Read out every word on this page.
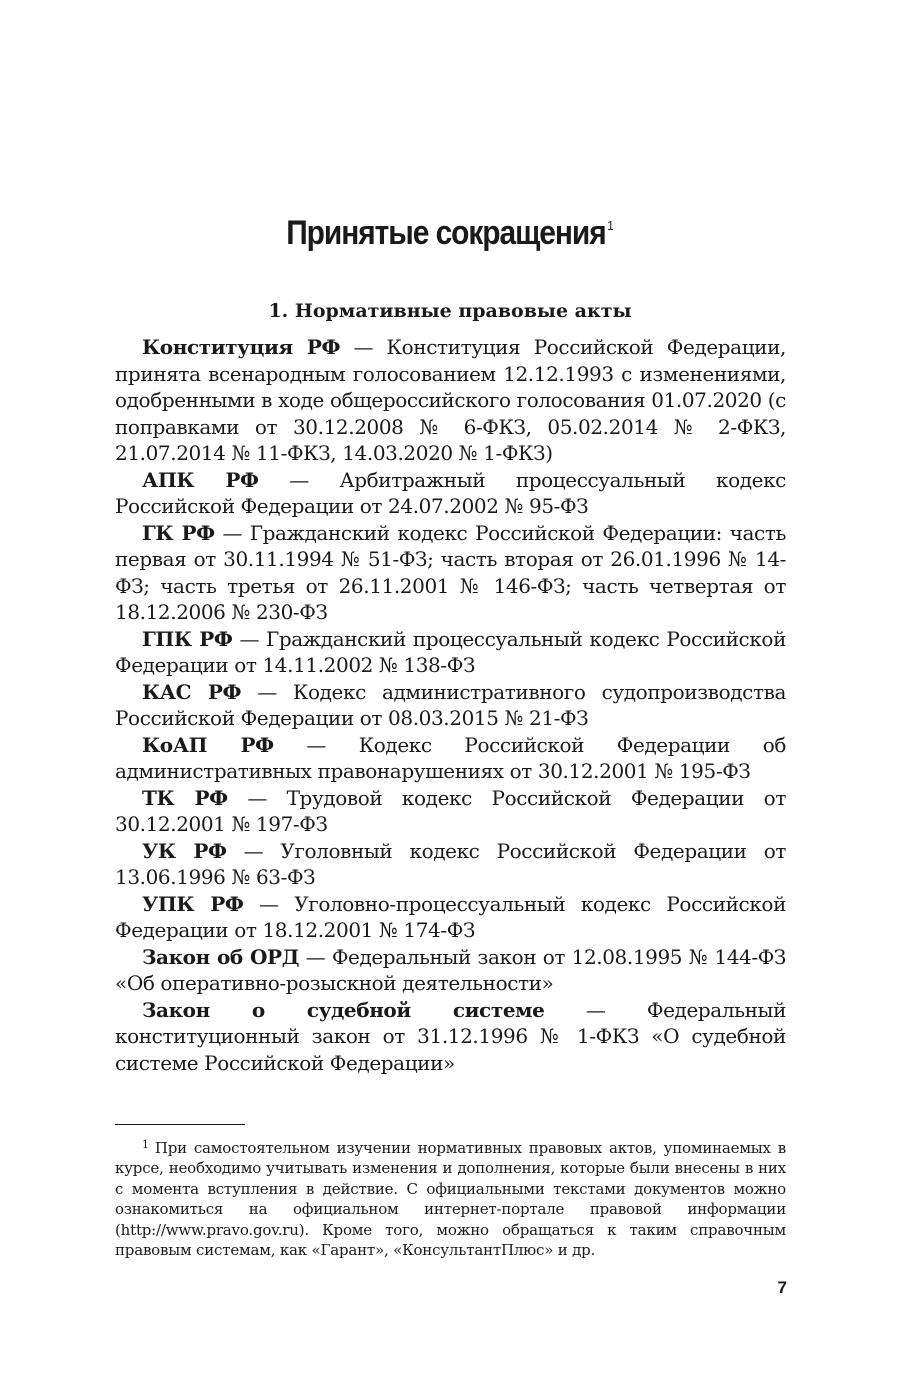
Принятые сокращения $^1$
1. Нормативные правовые акты

Конституция РФ — Конституция Российской Федерации, принята всенародным голосованием 12.12.1993 с изменениями, одобренными в ходе общероссийского голосования 01.07.2020 (с поправками от 30.12.2008 № 6-ФКЗ, 05.02.2014 № 2-ФКЗ, 21.07.2014 № 11-ФКЗ, 14.03.2020 № 1-ФКЗ)

АПК РФ — Арбитражный процессуальный кодекс Российской Федерации от 24.07.2002 № 95-ФЗ

ГК РФ — Гражданский кодекс Российской Федерации: часть первая от 30.11.1994 № 51-ФЗ; часть вторая от 26.01.1996 № 14-ФЗ; часть третья от 26.11.2001 № 146-ФЗ; часть четвертая от 18.12.2006 № 230-ФЗ

ГПК РФ — Гражданский процессуальный кодекс Российской Федерации от 14.11.2002 № 138-ФЗ

КАС РФ — Кодекс административного судопроизводства Российской Федерации от 08.03.2015 № 21-ФЗ

КоАП РФ — Кодекс Российской Федерации об административных правонарушениях от 30.12.2001 № 195-ФЗ

ТК РФ — Трудовой кодекс Российской Федерации от 30.12.2001 № 197-ФЗ

УК РФ — Уголовный кодекс Российской Федерации от 13.06.1996 № 63-ФЗ

УПК РФ — Уголовно-процессуальный кодекс Российской Федерации от 18.12.2001 № 174-ФЗ

Закон об ОРД — Федеральный закон от 12.08.1995 № 144-ФЗ «Об оперативно-розыскной деятельности»

Закон о судебной системе — Федеральный конституционный закон от 31.12.1996 № 1-ФКЗ «О судебной системе Российской Федерации»

$^1$ При самостоятельном изучении нормативных правовых актов, упоминаемых в курсе, необходимо учитывать изменения и дополнения, которые были внесены в них с момента вступления в действие. С официальными текстами документов можно ознакомиться на официальном интернет-портале правовой информации (http://www.pravo.gov.ru). Кроме того, можно обращаться к таким справочным правовым системам, как «Гарант», «КонсультантПлюс» и др.

7
